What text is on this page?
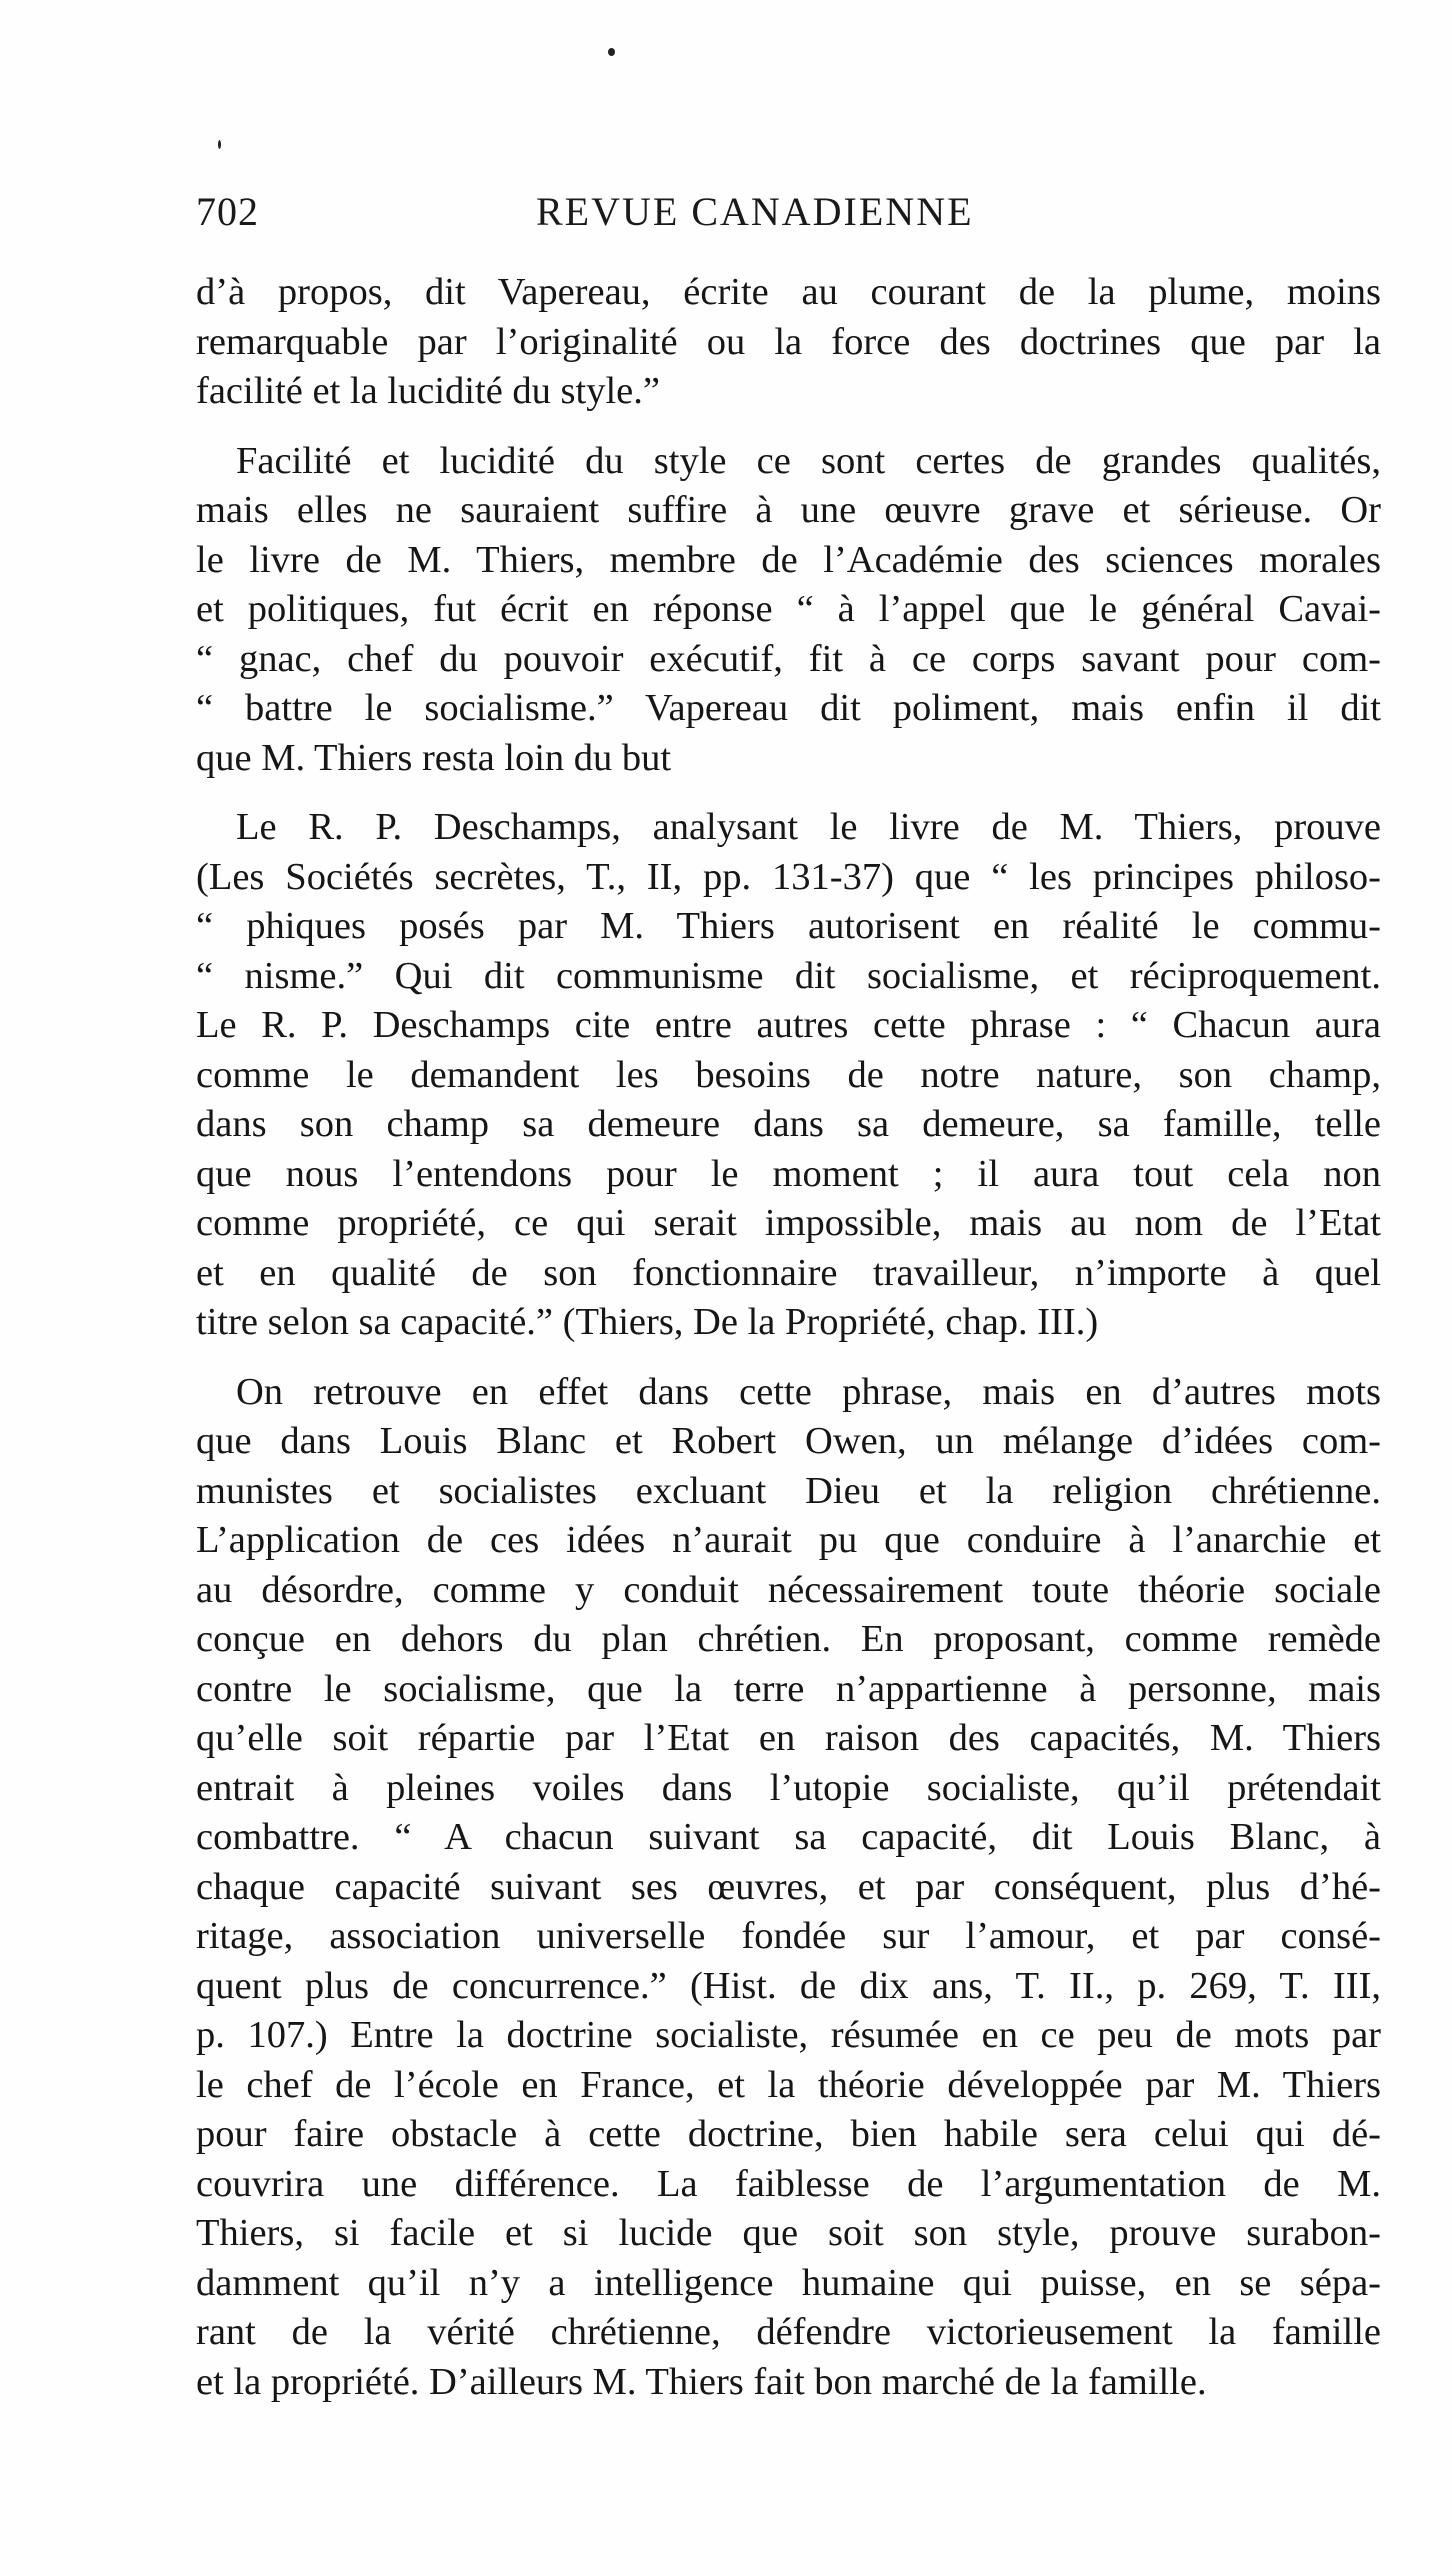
702	REVUE CANADIENNE

d’à propos, dit Vapereau, écrite au courant de la plume, moins
remarquable par l’originalité ou la force des doctrines que par la
facilité et la lucidité du style.”

Facilité et lucidité du style ce sont certes de grandes qualités,
mais elles ne sauraient suffire à une œuvre grave et sérieuse. Or
le livre de M. Thiers, membre de l’Académie des sciences morales
et politiques, fut écrit en réponse “ à l’appel que le général Cavai-
“ gnac, chef du pouvoir exécutif, fit à ce corps savant pour com-
“ battre le socialisme.” Vapereau dit poliment, mais enfin il dit
que M. Thiers resta loin du but

Le R. P. Deschamps, analysant le livre de M. Thiers, prouve
(Les Sociétés secrètes, T., II, pp. 131-37) que “ les principes philoso-
“ phiques posés par M. Thiers autorisent en réalité le commu-
“ nisme.” Qui dit communisme dit socialisme, et réciproquement.
Le R. P. Deschamps cite entre autres cette phrase : “ Chacun aura
comme le demandent les besoins de notre nature, son champ,
dans son champ sa demeure dans sa demeure, sa famille, telle
que nous l’entendons pour le moment ; il aura tout cela non
comme propriété, ce qui serait impossible, mais au nom de l’Etat
et en qualité de son fonctionnaire travailleur, n’importe à quel
titre selon sa capacité.” (Thiers, De la Propriété, chap. III.)

On retrouve en effet dans cette phrase, mais en d’autres mots
que dans Louis Blanc et Robert Owen, un mélange d’idées com-
munistes et socialistes excluant Dieu et la religion chrétienne.
L’application de ces idées n’aurait pu que conduire à l’anarchie et
au désordre, comme y conduit nécessairement toute théorie sociale
conçue en dehors du plan chrétien. En proposant, comme remède
contre le socialisme, que la terre n’appartienne à personne, mais
qu’elle soit répartie par l’Etat en raison des capacités, M. Thiers
entrait à pleines voiles dans l’utopie socialiste, qu’il prétendait
combattre. “ A chacun suivant sa capacité, dit Louis Blanc, à
chaque capacité suivant ses œuvres, et par conséquent, plus d’hé-
ritage, association universelle fondée sur l’amour, et par consé-
quent plus de concurrence.” (Hist. de dix ans, T. II., p. 269, T. III,
p. 107.) Entre la doctrine socialiste, résumée en ce peu de mots par
le chef de l’école en France, et la théorie développée par M. Thiers
pour faire obstacle à cette doctrine, bien habile sera celui qui dé-
couvrira une différence. La faiblesse de l’argumentation de M.
Thiers, si facile et si lucide que soit son style, prouve surabon-
damment qu’il n’y a intelligence humaine qui puisse, en se sépa-
rant de la vérité chrétienne, défendre victorieusement la famille
et la propriété. D’ailleurs M. Thiers fait bon marché de la famille.
